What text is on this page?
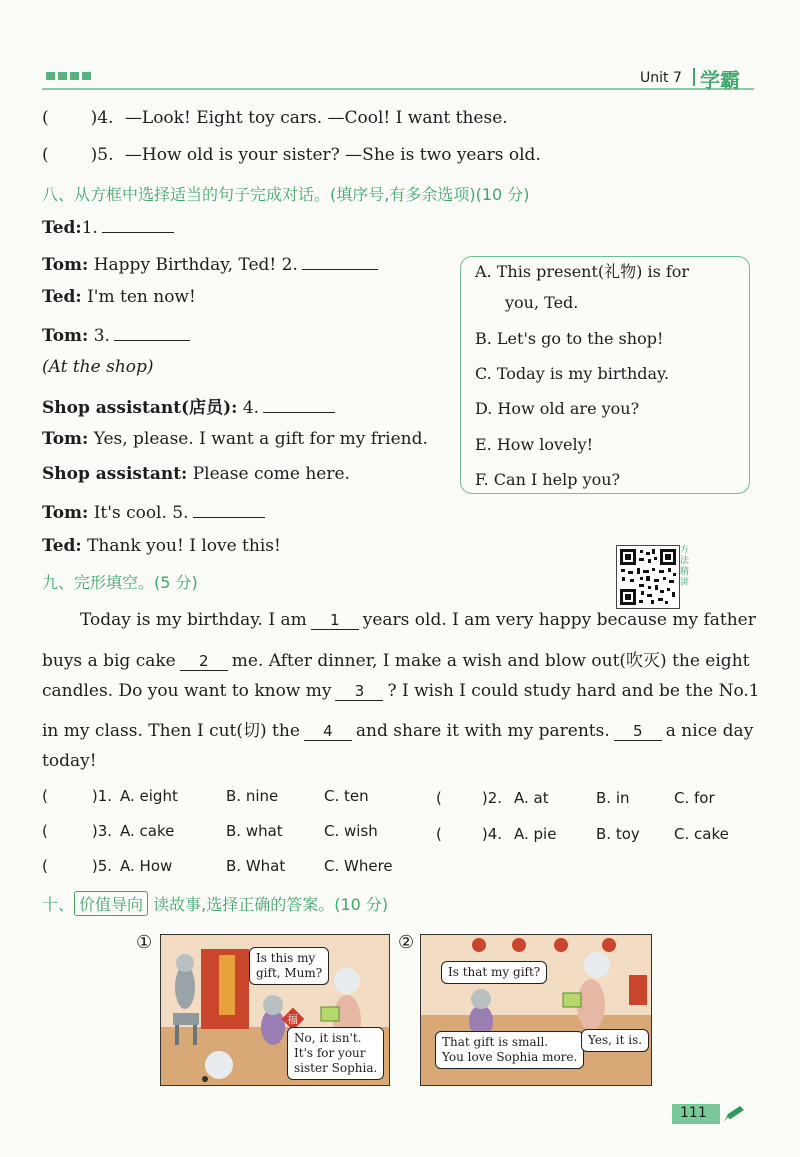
Unit 7 学霸
( )4. —Look! Eight toy cars. —Cool! I want these.
( )5. —How old is your sister? —She is two years old.
八、从方框中选择适当的句子完成对话。(填序号,有多余选项)(10 分)
Ted:1.
Tom: Happy Birthday, Ted! 2.
Ted: I'm ten now!
Tom: 3.
(At the shop)
Shop assistant(店员): 4.
Tom: Yes, please. I want a gift for my friend.
Shop assistant: Please come here.
Tom: It's cool. 5.
Ted: Thank you! I love this!
A. This present(礼物) is for
you, Ted.
B. Let's go to the shop!
C. Today is my birthday.
D. How old are you?
E. How lovely!
F. Can I help you?
九、完形填空。(5 分)
方法精讲
Today is my birthday. I am 1 years old. I am very happy because my father
buys a big cake 2 me. After dinner, I make a wish and blow out(吹灭) the eight
candles. Do you want to know my 3 ? I wish I could study hard and be the No.1
in my class. Then I cut(切) the 4 and share it with my parents. 5 a nice day
today!
(	)1. A. eight	B. nine	C. ten	(	)2. A. at	B. in	C. for
(	)3. A. cake	B. what	C. wish	(	)4. A. pie	B. toy C. cake
(	)5. A. How	B. What	C. Where
十、 价值导向 读故事,选择正确的答案。(10 分)
①
福
Is this my
gift, Mum?
No, it isn't.
It's for your
sister Sophia.
②
Is that my gift?
That gift is small.
You love Sophia more.
Yes, it is.
111
